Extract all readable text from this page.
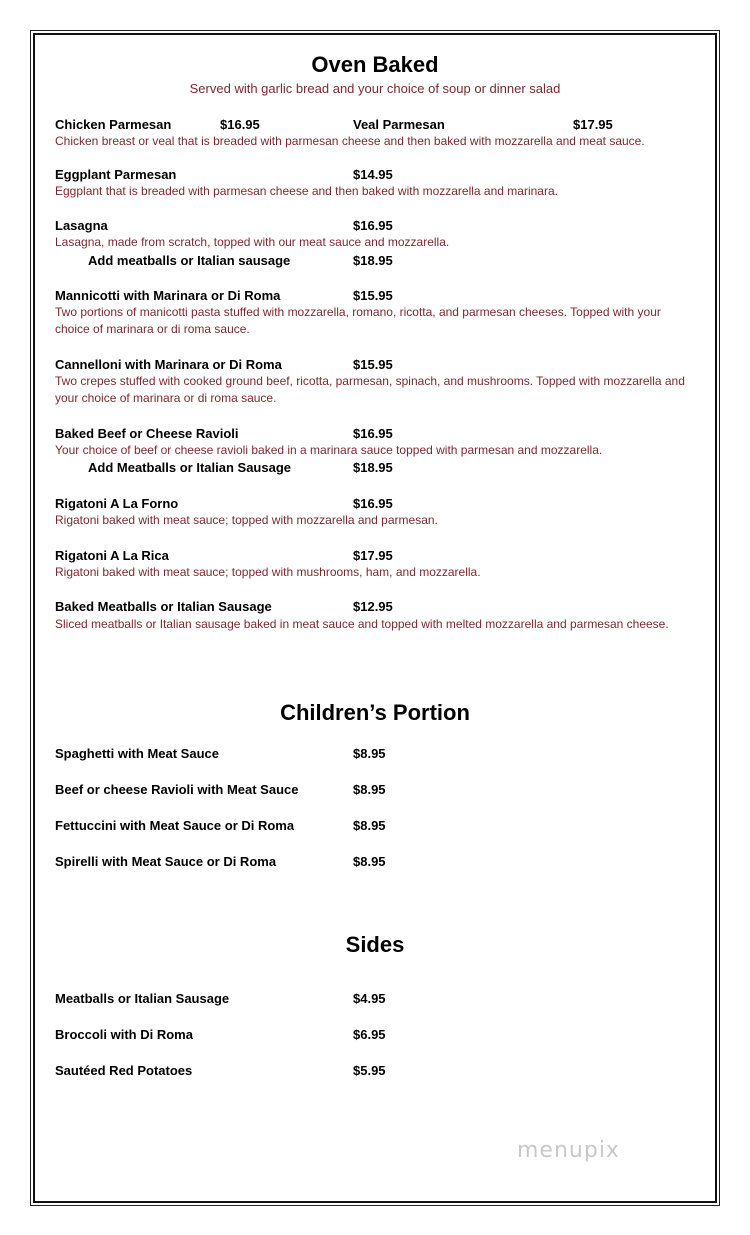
Oven Baked
Served with garlic bread and your choice of soup or dinner salad
Chicken Parmesan	$16.95	Veal Parmesan	$17.95
Chicken breast or veal that is breaded with parmesan cheese and then baked with mozzarella and meat sauce.
Eggplant Parmesan	$14.95
Eggplant that is breaded with parmesan cheese and then baked with mozzarella and marinara.
Lasagna	$16.95
Lasagna, made from scratch, topped with our meat sauce and mozzarella.
Add meatballs or Italian sausage	$18.95
Mannicotti with Marinara or Di Roma	$15.95
Two portions of manicotti pasta stuffed with mozzarella, romano, ricotta, and parmesan cheeses. Topped with your choice of marinara or di roma sauce.
Cannelloni with Marinara or Di Roma	$15.95
Two crepes stuffed with cooked ground beef, ricotta, parmesan, spinach, and mushrooms. Topped with mozzarella and your choice of marinara or di roma sauce.
Baked Beef or Cheese Ravioli	$16.95
Your choice of beef or cheese ravioli baked in a marinara sauce topped with parmesan and mozzarella.
Add Meatballs or Italian Sausage	$18.95
Rigatoni A La Forno	$16.95
Rigatoni baked with meat sauce; topped with mozzarella and parmesan.
Rigatoni A La Rica	$17.95
Rigatoni baked with meat sauce; topped with mushrooms, ham, and mozzarella.
Baked Meatballs or Italian Sausage	$12.95
Sliced meatballs or Italian sausage baked in meat sauce and topped with melted mozzarella and parmesan cheese.
Children’s Portion
Spaghetti with Meat Sauce	$8.95
Beef or cheese Ravioli with Meat Sauce	$8.95
Fettuccini with Meat Sauce or Di Roma	$8.95
Spirelli with Meat Sauce or Di Roma	$8.95
Sides
Meatballs or Italian Sausage	$4.95
Broccoli with Di Roma	$6.95
Sautéed Red Potatoes	$5.95
menupix
